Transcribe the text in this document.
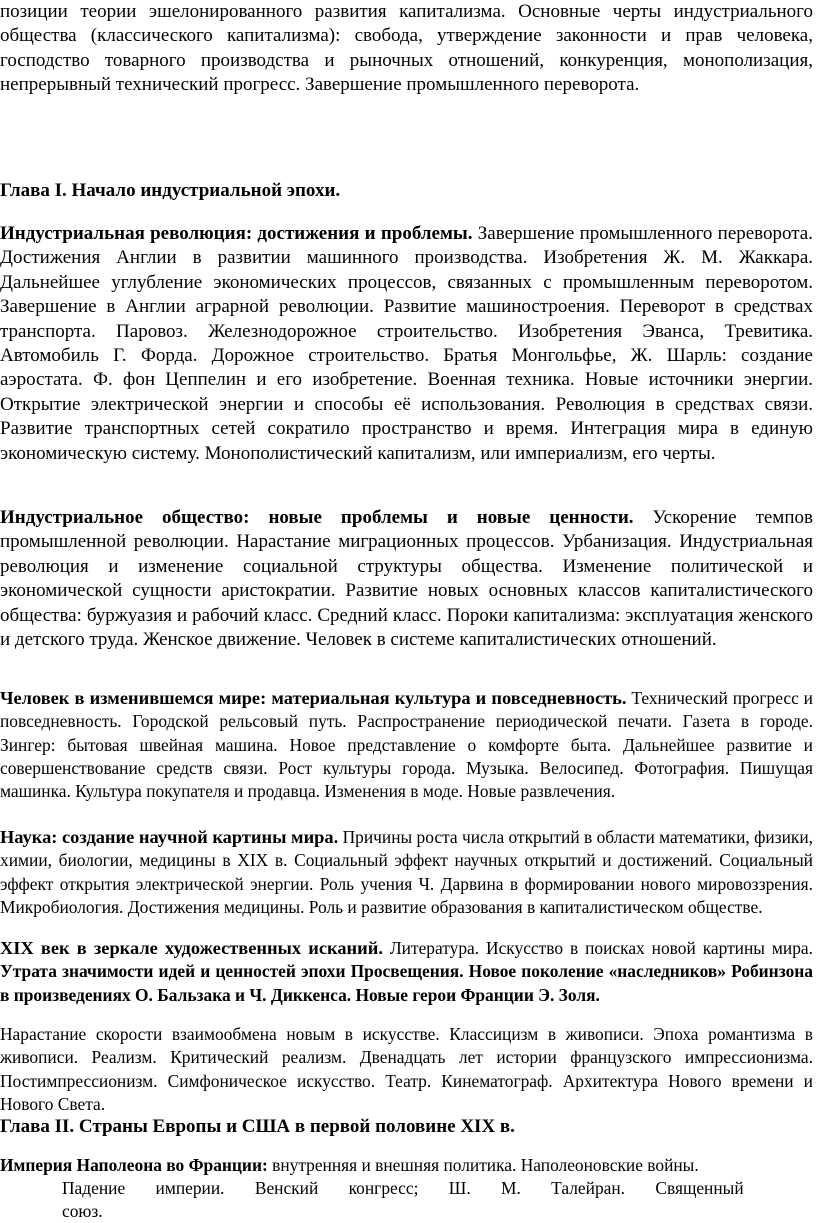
позиции теории эшелонированного развития капитализма. Основные черты индустриального общества (классического капитализма): свобода, утверждение законности и прав человека, господство товарного производства и рыночных отношений, конкуренция, монополизация, непрерывный технический прогресс. Завершение промышленного переворота.

Глава I. Начало индустриальной эпохи.

Индустриальная революция: достижения и проблемы. Завершение промышленного переворота. Достижения Англии в развитии машинного производства. Изобретения Ж. М. Жаккара. Дальнейшее углубление экономических процессов, связанных с промышленным переворотом. Завершение в Англии аграрной революции. Развитие машиностроения. Переворот в средствах транспорта. Паровоз. Железнодорожное строительство. Изобретения Эванса, Тревитика. Автомобиль Г. Форда. Дорожное строительство. Братья Монгольфье, Ж. Шарль: создание аэростата. Ф. фон Цеппелин и его изобретение. Военная техника. Новые источники энергии. Открытие электрической энергии и способы её использования. Революция в средствах связи. Развитие транспортных сетей сократило пространство и время. Интеграция мира в единую экономическую систему. Монополистический капитализм, или империализм, его черты.

Индустриальное общество: новые проблемы и новые ценности. Ускорение темпов промышленной революции. Нарастание миграционных процессов. Урбанизация. Индустриальная революция и изменение социальной структуры общества. Изменение политической и экономической сущности аристократии. Развитие новых основных классов капиталистического общества: буржуазия и рабочий класс. Средний класс. Пороки капитализма: эксплуатация женского и детского труда. Женское движение. Человек в системе капиталистических отношений.

Человек в изменившемся мире: материальная культура и повседневность. Технический прогресс и повседневность. Городской рельсовый путь. Распространение периодической печати. Газета в городе. Зингер: бытовая швейная машина. Новое представление о комфорте быта. Дальнейшее развитие и совершенствование средств связи. Рост культуры города. Музыка. Велосипед. Фотография. Пишущая машинка. Культура покупателя и продавца. Изменения в моде. Новые развлечения.

Наука: создание научной картины мира. Причины роста числа открытий в области математики, физики, химии, биологии, медицины в XIX в. Социальный эффект научных открытий и достижений. Социальный эффект открытия электрической энергии. Роль учения Ч. Дарвина в формировании нового мировоззрения. Микробиология. Достижения медицины. Роль и развитие образования в капиталистическом обществе.

XIX век в зеркале художественных исканий. Литература. Искусство в поисках новой картины мира. Утрата значимости идей и ценностей эпохи Просвещения. Новое поколение «наследников» Робинзона в произведениях О. Бальзака и Ч. Диккенса. Новые герои Франции Э. Золя.

Нарастание скорости взаимообмена новым в искусстве. Классицизм в живописи. Эпоха романтизма в живописи. Реализм. Критический реализм. Двенадцать лет истории французского импрессионизма. Постимпрессионизм. Симфоническое искусство. Театр. Кинематограф. Архитектура Нового времени и Нового Света.

Глава II. Страны Европы и США в первой половине XIX в.

Империя Наполеона во Франции: внутренняя и внешняя политика. Наполеоновские войны.
Падение империи. Венский конгресс; Ш. М. Талейран. Священный союз.
